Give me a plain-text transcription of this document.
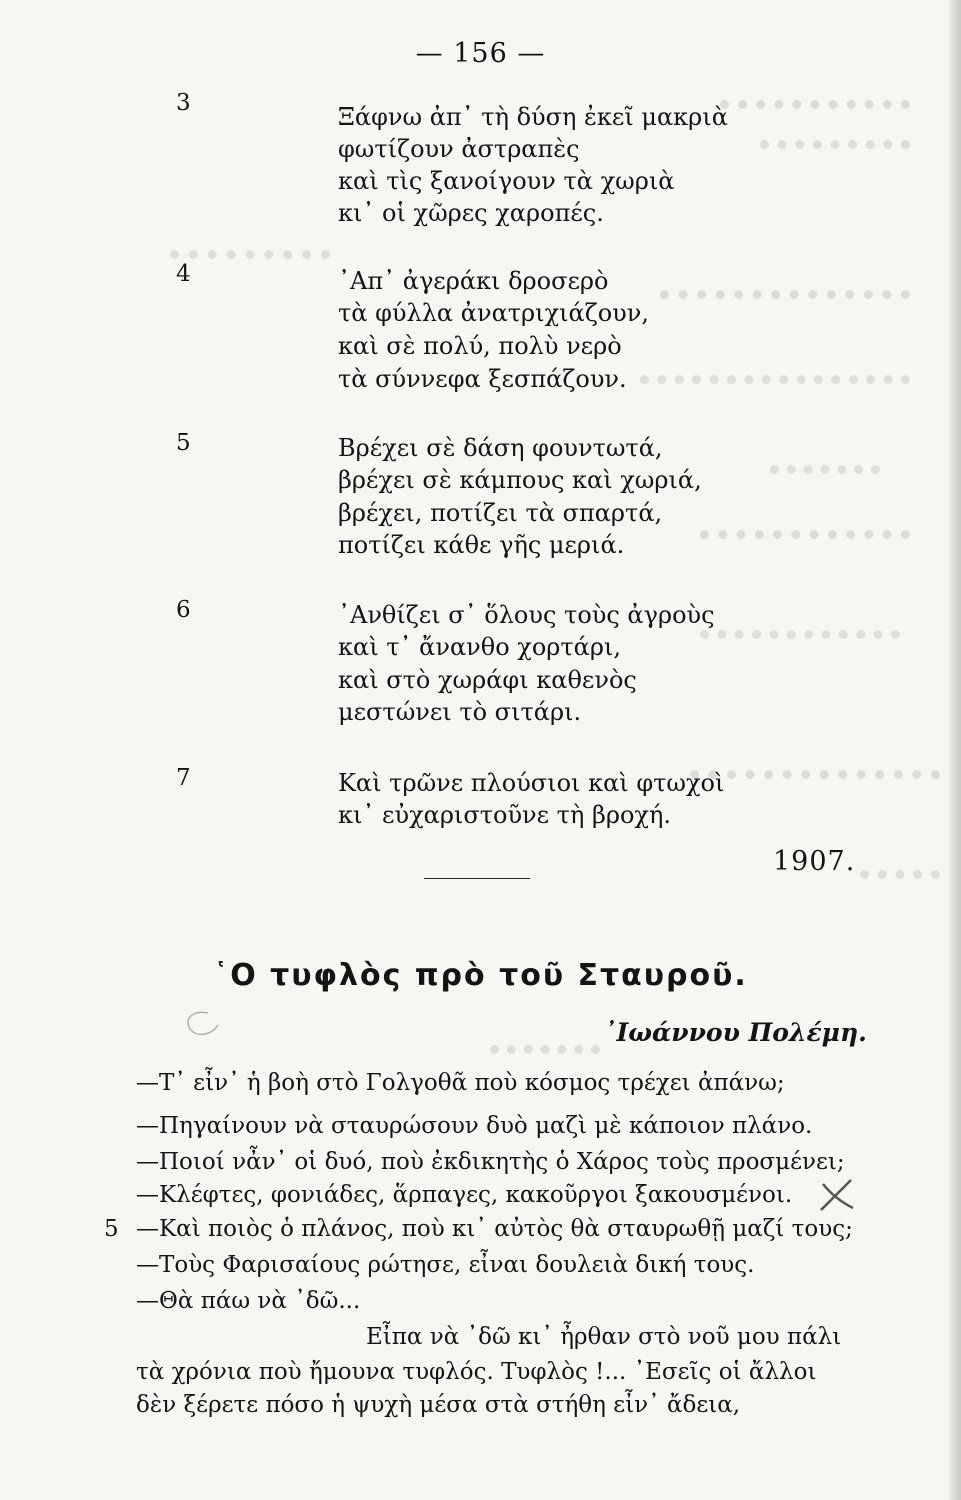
— 156 —
3	Ξάφνω ἀπ᾽ τὴ δύση ἐκεῖ μακριὰ
φωτίζουν ἀστραπὲς
καὶ τὶς ξανοίγουν τὰ χωριὰ
κι᾽ οἱ χῶρες χαροπές.
4	᾽Απ᾽ ἀγεράκι δροσερὸ
τὰ φύλλα ἀνατριχιάζουν,
καὶ σὲ πολύ, πολὺ νερὸ
τὰ σύννεφα ξεσπάζουν.
5	Βρέχει σὲ δάση φουντωτά,
βρέχει σὲ κάμπους καὶ χωριά,
βρέχει, ποτίζει τὰ σπαρτά,
ποτίζει κάθε γῆς μεριά.
6	᾽Ανθίζει σ᾽ ὅλους τοὺς ἀγροὺς
καὶ τ᾽ ἄνανθο χορτάρι,
καὶ στὸ χωράφι καθενὸς
μεστώνει τὸ σιτάρι.
7	Καὶ τρῶνε πλούσιοι καὶ φτωχοὶ
κι᾽ εὐχαριστοῦνε τὴ βροχή.
1907.
῾Ο τυφλὸς πρὸ τοῦ Σταυροῦ.
᾽Ιωάννου Πολέμη.
—Τ᾽ εἶν᾽ ἡ βοὴ στὸ Γολγοθᾶ ποὺ κόσμος τρέχει ἀπάνω;
—Πηγαίνουν νὰ σταυρώσουν δυὸ μαζὶ μὲ κάποιον πλάνο.
—Ποιοί νἆν᾽ οἱ δυό, ποὺ ἐκδικητὴς ὁ Χάρος τοὺς προσμένει;
—Κλέφτες, φονιάδες, ἅρπαγες, κακοῦργοι ξακουσμένοι.
5 —Καὶ ποιὸς ὁ πλάνος, ποὺ κι᾽ αὐτὸς θὰ σταυρωθῇ μαζί τους;
—Τοὺς Φαρισαίους ρώτησε, εἶναι δουλειὰ δική τους.
—Θὰ πάω νὰ ᾽δῶ...
Εἶπα νὰ ᾽δῶ κι᾽ ἦρθαν στὸ νοῦ μου πάλι
τὰ χρόνια ποὺ ἤμουνα τυφλός. Τυφλὸς !... ᾽Εσεῖς οἱ ἄλλοι
δὲν ξέρετε πόσο ἡ ψυχὴ μέσα στὰ στήθη εἶν᾽ ἄδεια,
